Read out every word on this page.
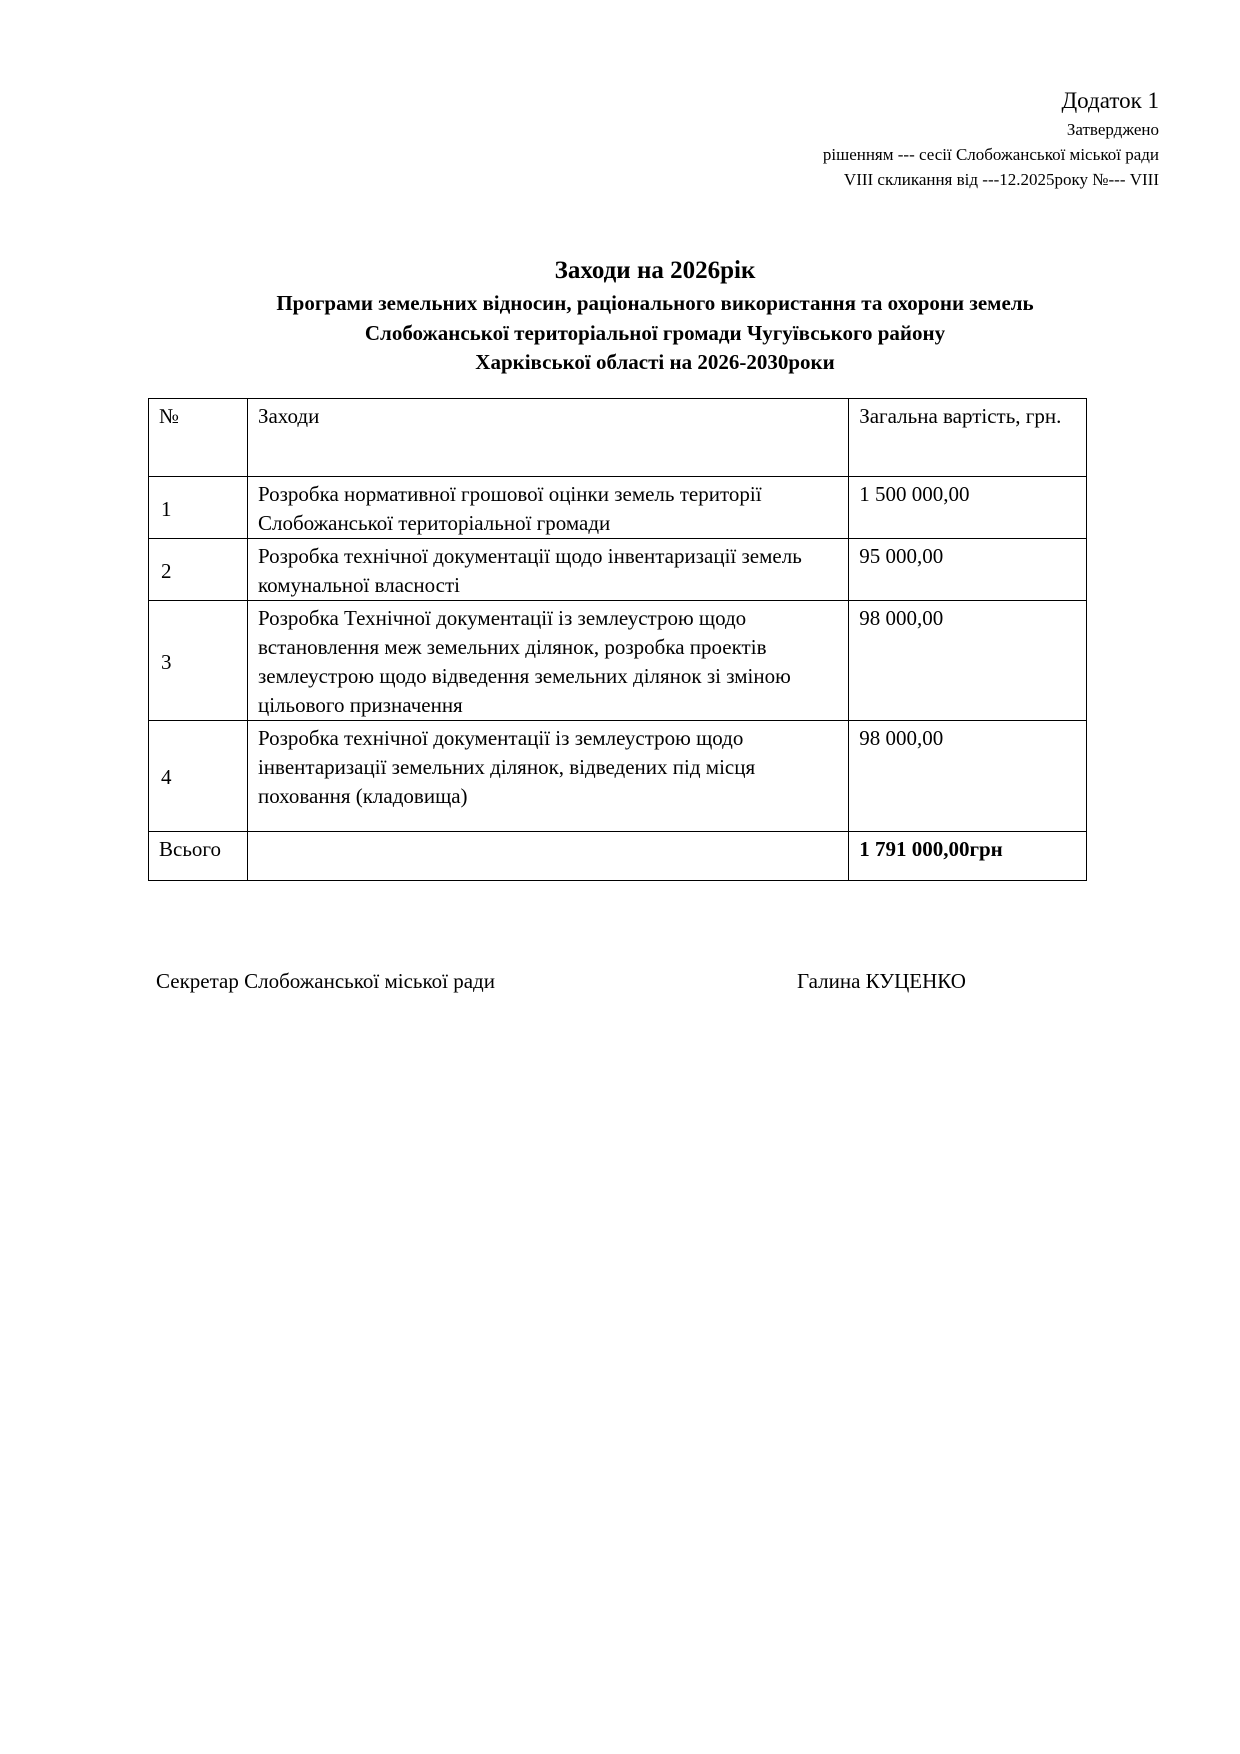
Додаток 1
Затверджено
рішенням --- сесії Слобожанської міської ради
VIII скликання від ---12.2025року №--- VIII
Заходи на 2026рік
Програми земельних відносин, раціонального використання та охорони земель
Слобожанської територіальної громади Чугуївського району
Харківської області на 2026-2030роки
№	Заходи	Загальна вартість, грн.
1	Розробка нормативної грошової оцінки земель території Слобожанської територіальної громади	1 500 000,00
2	Розробка технічної документації щодо інвентаризації земель комунальної власності	95 000,00
3	Розробка Технічної документації із землеустрою щодо встановлення меж земельних ділянок, розробка проектів землеустрою щодо відведення земельних ділянок зі зміною цільового призначення	98 000,00
4	Розробка технічної документації із землеустрою щодо інвентаризації земельних ділянок, відведених під місця поховання (кладовища)	98 000,00
Всього		1 791 000,00грн
Секретар Слобожанської міської ради	Галина КУЦЕНКО
